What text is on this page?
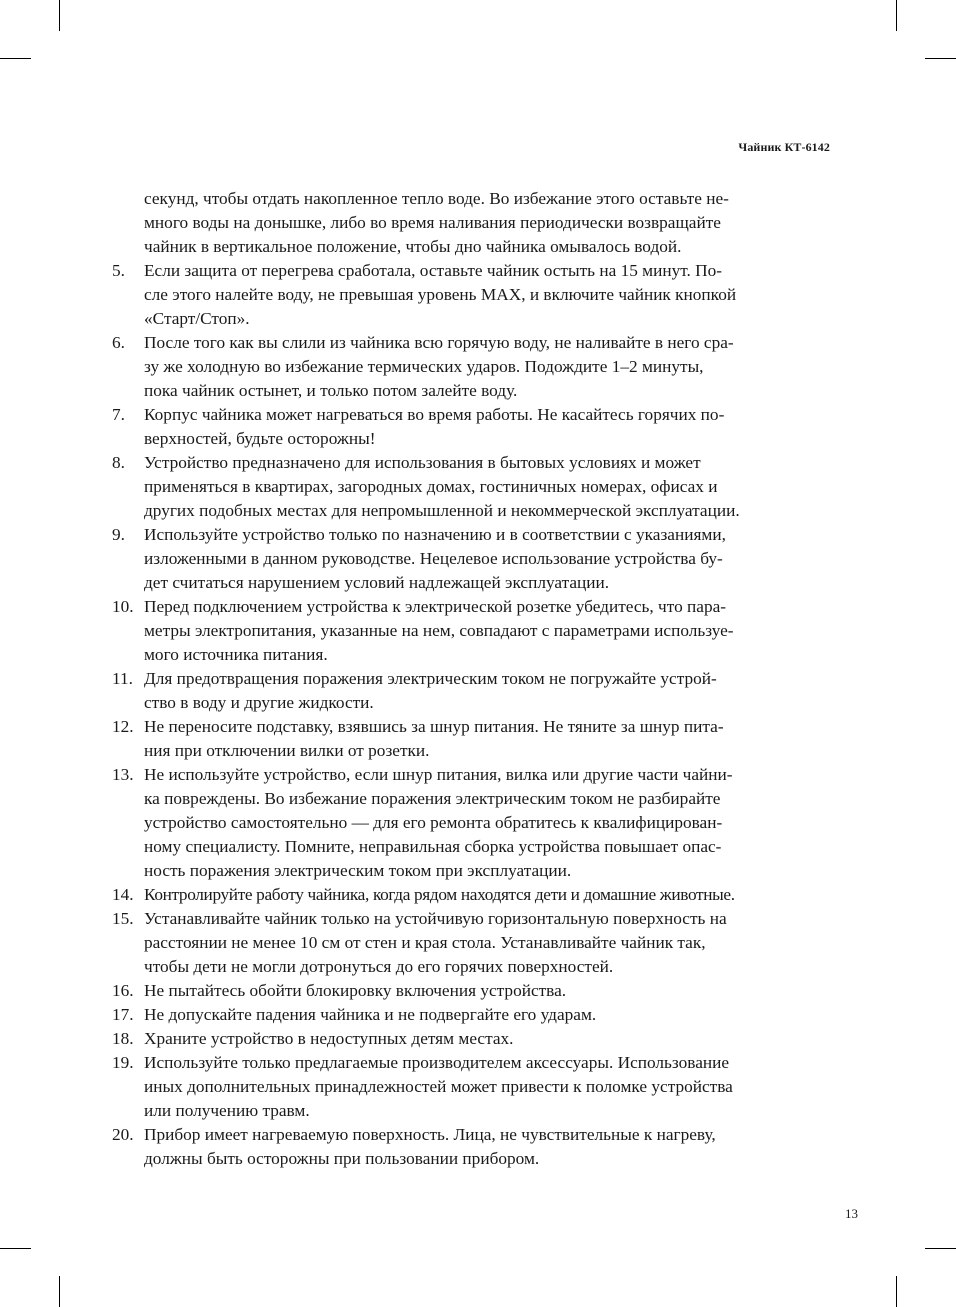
Чайник КТ-6142
секунд, чтобы отдать накопленное тепло воде. Во избежание этого оставьте не-
много воды на донышке, либо во время наливания периодически возвращайте
чайник в вертикальное положение, чтобы дно чайника омывалось водой.
5.	Если защита от перегрева сработала, оставьте чайник остыть на 15 минут. По-
сле этого налейте воду, не превышая уровень MAX, и включите чайник кнопкой
«Старт/Стоп».
6.	После того как вы слили из чайника всю горячую воду, не наливайте в него сра-
зу же холодную во избежание термических ударов. Подождите 1–2 минуты,
пока чайник остынет, и только потом залейте воду.
7.	Корпус чайника может нагреваться во время работы. Не касайтесь горячих по-
верхностей, будьте осторожны!
8.	Устройство предназначено для использования в бытовых условиях и может
применяться в квартирах, загородных домах, гостиничных номерах, офисах и
других подобных местах для непромышленной и некоммерческой эксплуатации.
9.	Используйте устройство только по назначению и в соответствии с указаниями,
изложенными в данном руководстве. Нецелевое использование устройства бу-
дет считаться нарушением условий надлежащей эксплуатации.
10. Перед подключением устройства к электрической розетке убедитесь, что пара-
метры электропитания, указанные на нем, совпадают с параметрами используе-
мого источника питания.
11. Для предотвращения поражения электрическим током не погружайте устрой-
ство в воду и другие жидкости.
12. Не переносите подставку, взявшись за шнур питания. Не тяните за шнур пита-
ния при отключении вилки от розетки.
13. Не используйте устройство, если шнур питания, вилка или другие части чайни-
ка повреждены. Во избежание поражения электрическим током не разбирайте
устройство самостоятельно — для его ремонта обратитесь к квалифицирован-
ному специалисту. Помните, неправильная сборка устройства повышает опас-
ность поражения электрическим током при эксплуатации.
14. Контролируйте работу чайника, когда рядом находятся дети и домашние животные.
15. Устанавливайте чайник только на устойчивую горизонтальную поверхность на
расстоянии не менее 10 см от стен и края стола. Устанавливайте чайник так,
чтобы дети не могли дотронуться до его горячих поверхностей.
16. Не пытайтесь обойти блокировку включения устройства.
17. Не допускайте падения чайника и не подвергайте его ударам.
18. Храните устройство в недоступных детям местах.
19. Используйте только предлагаемые производителем аксессуары. Использование
иных дополнительных принадлежностей может привести к поломке устройства
или получению травм.
20. Прибор имеет нагреваемую поверхность. Лица, не чувствительные к нагреву,
должны быть осторожны при пользовании прибором.
13
